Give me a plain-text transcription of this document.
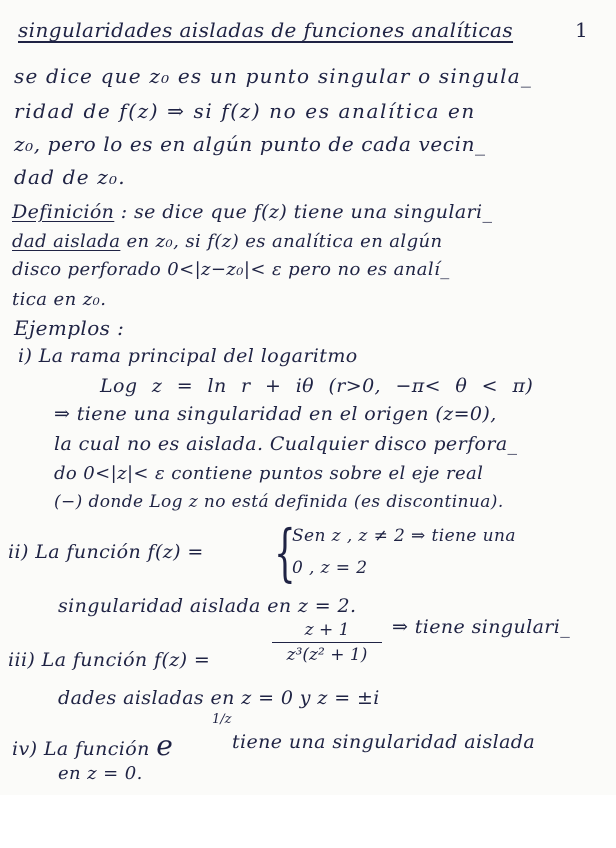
singularidades aisladas de funciones analíticas	1
se dice que z₀ es un punto singular o singula_
ridad de f(z) ⇒ si f(z) no es analítica en
z₀, pero lo es en algún punto de cada vecin_
dad de z₀.
Definición : se dice que f(z) tiene una singulari_
dad aislada en z₀, si f(z) es analítica en algún
disco perforado 0<|z−z₀|< ε pero no es analí_
tica en z₀.
Ejemplos :
i) La rama principal del logaritmo
Log z = ln r + iθ (r>0, −π< θ < π)
⇒ tiene una singularidad en el origen (z=0),
la cual no es aislada. Cualquier disco perfora_
do 0<|z|< ε contiene puntos sobre el eje real
(−) donde Log z no está definida (es discontinua).
ii) La función f(z) = {
Sen z , z ≠ 2 ⇒ tiene una
0 , z = 2
singularidad aislada en z = 2.
iii) La función f(z) =
z + 1
z³(z² + 1)
⇒ tiene singulari_
dades aisladas en z = 0 y z = ±i
iv) La función e
1/z
tiene una singularidad aislada
en z = 0.
